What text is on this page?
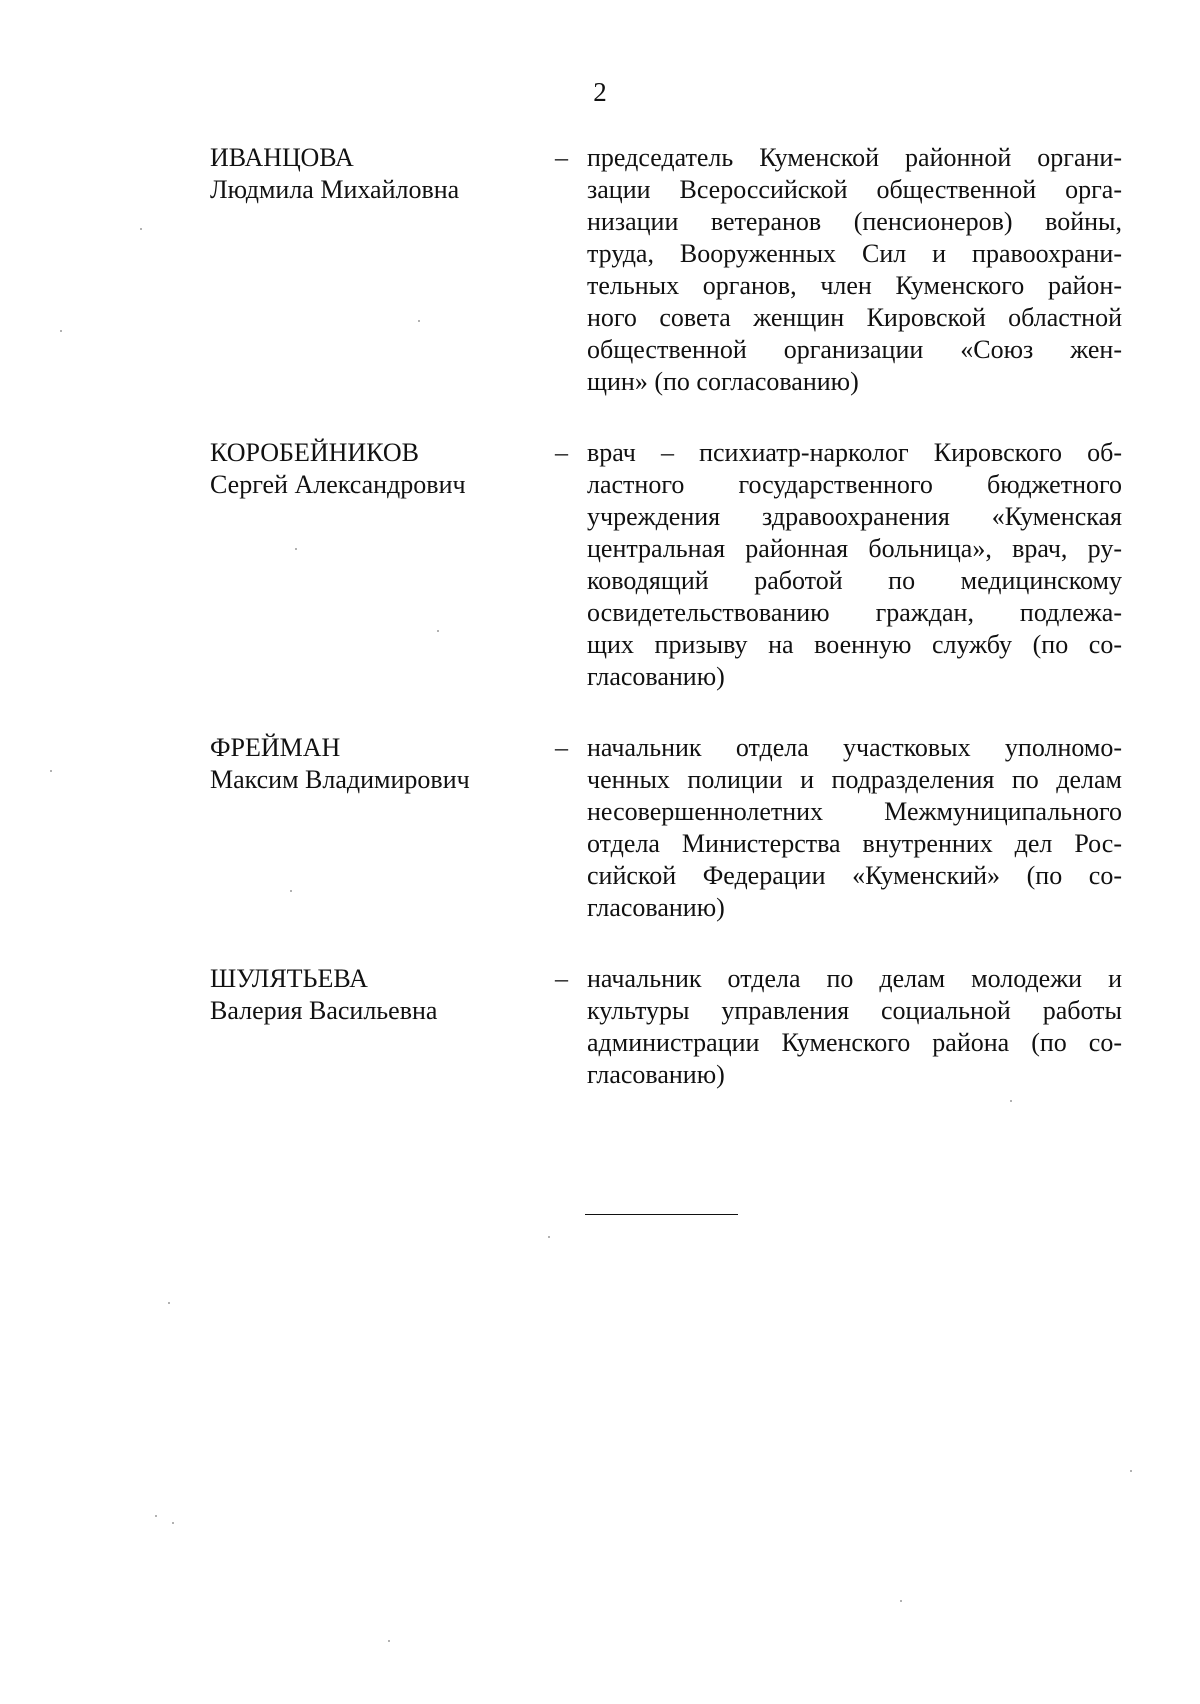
2
ИВАНЦОВА
Людмила Михайловна
– председатель Куменской районной органи-
зации Всероссийской общественной орга-
низации ветеранов (пенсионеров) войны,
труда, Вооруженных Сил и правоохрани-
тельных органов, член Куменского район-
ного совета женщин Кировской областной
общественной организации «Союз жен-
щин» (по согласованию)
КОРОБЕЙНИКОВ
Сергей Александрович
– врач – психиатр-нарколог Кировского об-
ластного государственного бюджетного
учреждения здравоохранения «Куменская
центральная районная больница», врач, ру-
ководящий работой по медицинскому
освидетельствованию граждан, подлежа-
щих призыву на военную службу (по со-
гласованию)
ФРЕЙМАН
Максим Владимирович
– начальник отдела участковых уполномо-
ченных полиции и подразделения по делам
несовершеннолетних Межмуниципального
отдела Министерства внутренних дел Рос-
сийской Федерации «Куменский» (по со-
гласованию)
ШУЛЯТЬЕВА
Валерия Васильевна
– начальник отдела по делам молодежи и
культуры управления социальной работы
администрации Куменского района (по со-
гласованию)
